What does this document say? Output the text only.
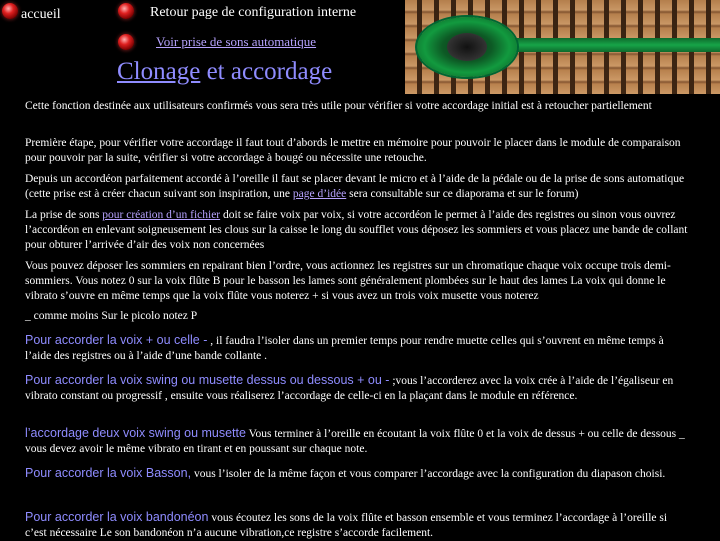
accueil	Retour page de configuration interne
Voir prise de sons automatique
Clonage et accordage
Cette fonction destinée aux utilisateurs confirmés vous sera très utile pour vérifier si votre accordage initial est à retoucher partiellement
Première étape, pour vérifier votre accordage il faut tout d’abords le mettre en mémoire pour pouvoir le placer dans le module de comparaison pour pouvoir par la suite, vérifier si votre accordage à bougé ou nécessite une retouche.
Depuis un accordéon parfaitement accordé à l’oreille il faut se placer devant le micro et à l’aide de la pédale ou de la prise de sons automatique (cette prise est à créer chacun suivant son inspiration, une page d’idée sera consultable sur ce diaporama et sur le forum)
La prise de sons pour création d’un fichier doit se faire voix par voix, si votre accordéon le permet à l’aide des registres ou sinon vous ouvrez l’accordéon en enlevant soigneusement les clous sur la caisse le long du soufflet vous déposez les sommiers et vous placez une bande de collant pour obturer l’arrivée d’air des voix non concernées
Vous pouvez déposer les sommiers en repairant bien l’ordre, vous actionnez les registres sur un chromatique chaque voix occupe trois demi- sommiers. Vous notez 0 sur la voix flûte B pour le basson les lames sont généralement plombées sur le haut des lames La voix qui donne le vibrato s’ouvre en même temps que la voix flûte vous noterez + si vous avez un trois voix musette vous noterez
_ comme moins Sur le picolo notez P
Pour accorder la voix + ou celle - , il faudra l’isoler dans un premier temps pour rendre muette celles qui s’ouvrent en même temps à l’aide des registres ou à l’aide d’une bande collante .
Pour accorder la voix swing ou musette dessus ou dessous + ou - ;vous l’accorderez avec la voix crée à l’aide de l’égaliseur en vibrato constant ou progressif , ensuite vous réaliserez l’accordage de celle-ci en la plaçant dans le module en référence.
l’accordage deux voix swing ou musette Vous terminer à l’oreille en écoutant la voix flûte 0 et la voix de dessus + ou celle de dessous _ vous devez avoir le même vibrato en tirant et en poussant sur chaque note.
Pour accorder la voix Basson, vous l’isoler de la même façon et vous comparer l’accordage avec la configuration du diapason choisi.
Pour accorder la voix bandonéon vous écoutez les sons de la voix flûte et basson ensemble et vous terminez l’accordage à l’oreille si c’est nécessaire Le son bandonéon n’a aucune vibration,ce registre s’accorde facilement.
